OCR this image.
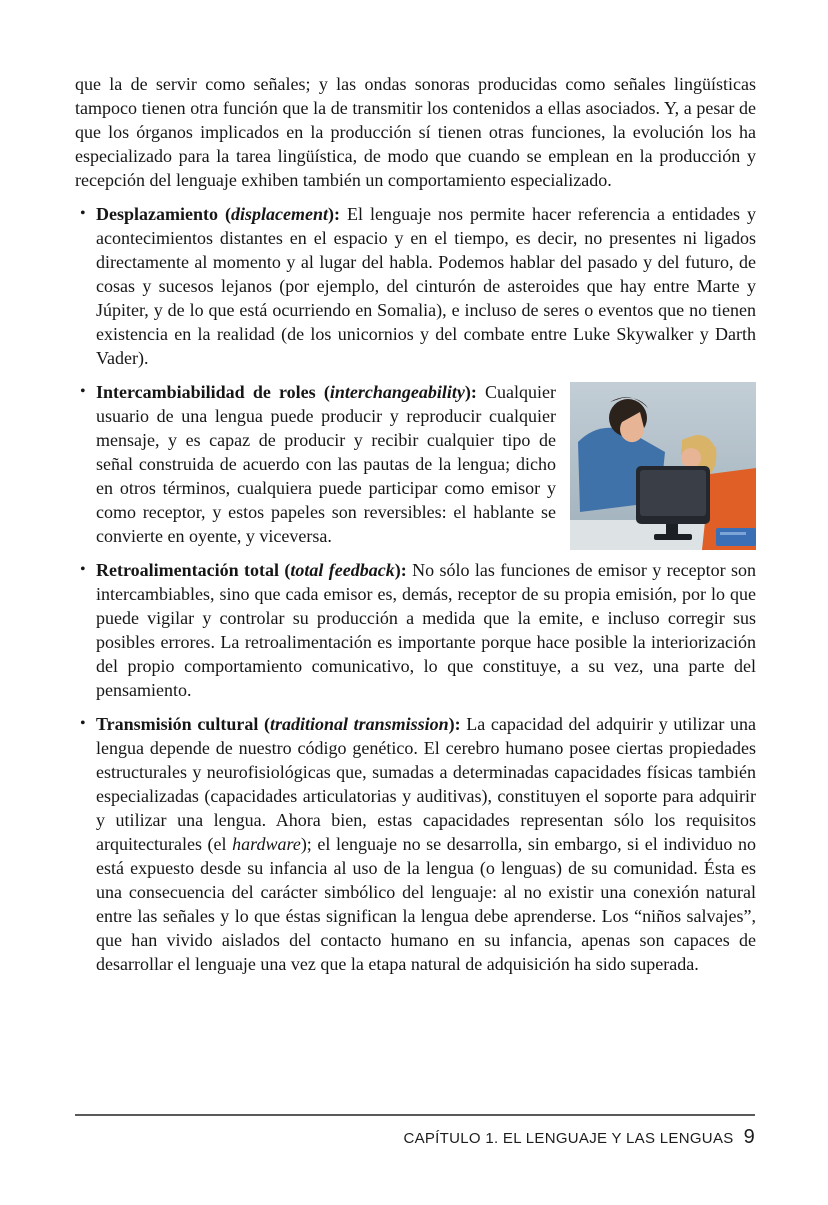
que la de servir como señales; y las ondas sonoras producidas como señales lingüísticas tampoco tienen otra función que la de transmitir los contenidos a ellas asociados. Y, a pesar de que los órganos implicados en la producción sí tienen otras funciones, la evolución los ha especializado para la tarea lingüística, de modo que cuando se emplean en la producción y recepción del lenguaje exhiben también un comportamiento especializado.

• Desplazamiento (displacement): El lenguaje nos permite hacer referencia a entidades y acontecimientos distantes en el espacio y en el tiempo, es decir, no presentes ni ligados directamente al momento y al lugar del habla. Podemos hablar del pasado y del futuro, de cosas y sucesos lejanos (por ejemplo, del cinturón de asteroides que hay entre Marte y Júpiter, y de lo que está ocurriendo en Somalia), e incluso de seres o eventos que no tienen existencia en la realidad (de los unicornios y del combate entre Luke Skywalker y Darth Vader).
• Intercambiabilidad de roles (interchangeability): Cualquier usuario de una lengua puede producir y reproducir cualquier mensaje, y es capaz de producir y recibir cualquier tipo de señal construida de acuerdo con las pautas de la lengua; dicho en otros términos, cualquiera puede participar como emisor y como receptor, y estos papeles son reversibles: el hablante se convierte en oyente, y viceversa.
• Retroalimentación total (total feedback): No sólo las funciones de emisor y receptor son intercambiables, sino que cada emisor es, demás, receptor de su propia emisión, por lo que puede vigilar y controlar su producción a medida que la emite, e incluso corregir sus posibles errores. La retroalimentación es importante porque hace posible la interiorización del propio comportamiento comunicativo, lo que constituye, a su vez, una parte del pensamiento.
• Transmisión cultural (traditional transmission): La capacidad del adquirir y utilizar una lengua depende de nuestro código genético. El cerebro humano posee ciertas propiedades estructurales y neurofisiológicas que, sumadas a determinadas capacidades físicas también especializadas (capacidades articulatorias y auditivas), constituyen el soporte para adquirir y utilizar una lengua. Ahora bien, estas capacidades representan sólo los requisitos arquitecturales (el hardware); el lenguaje no se desarrolla, sin embargo, si el individuo no está expuesto desde su infancia al uso de la lengua (o lenguas) de su comunidad. Ésta es una consecuencia del carácter simbólico del lenguaje: al no existir una conexión natural entre las señales y lo que éstas significan la lengua debe aprenderse. Los “niños salvajes”, que han vivido aislados del contacto humano en su infancia, apenas son capaces de desarrollar el lenguaje una vez que la etapa natural de adquisición ha sido superada.
CAPÍTULO 1. EL LENGUAJE Y LAS LENGUAS 9
